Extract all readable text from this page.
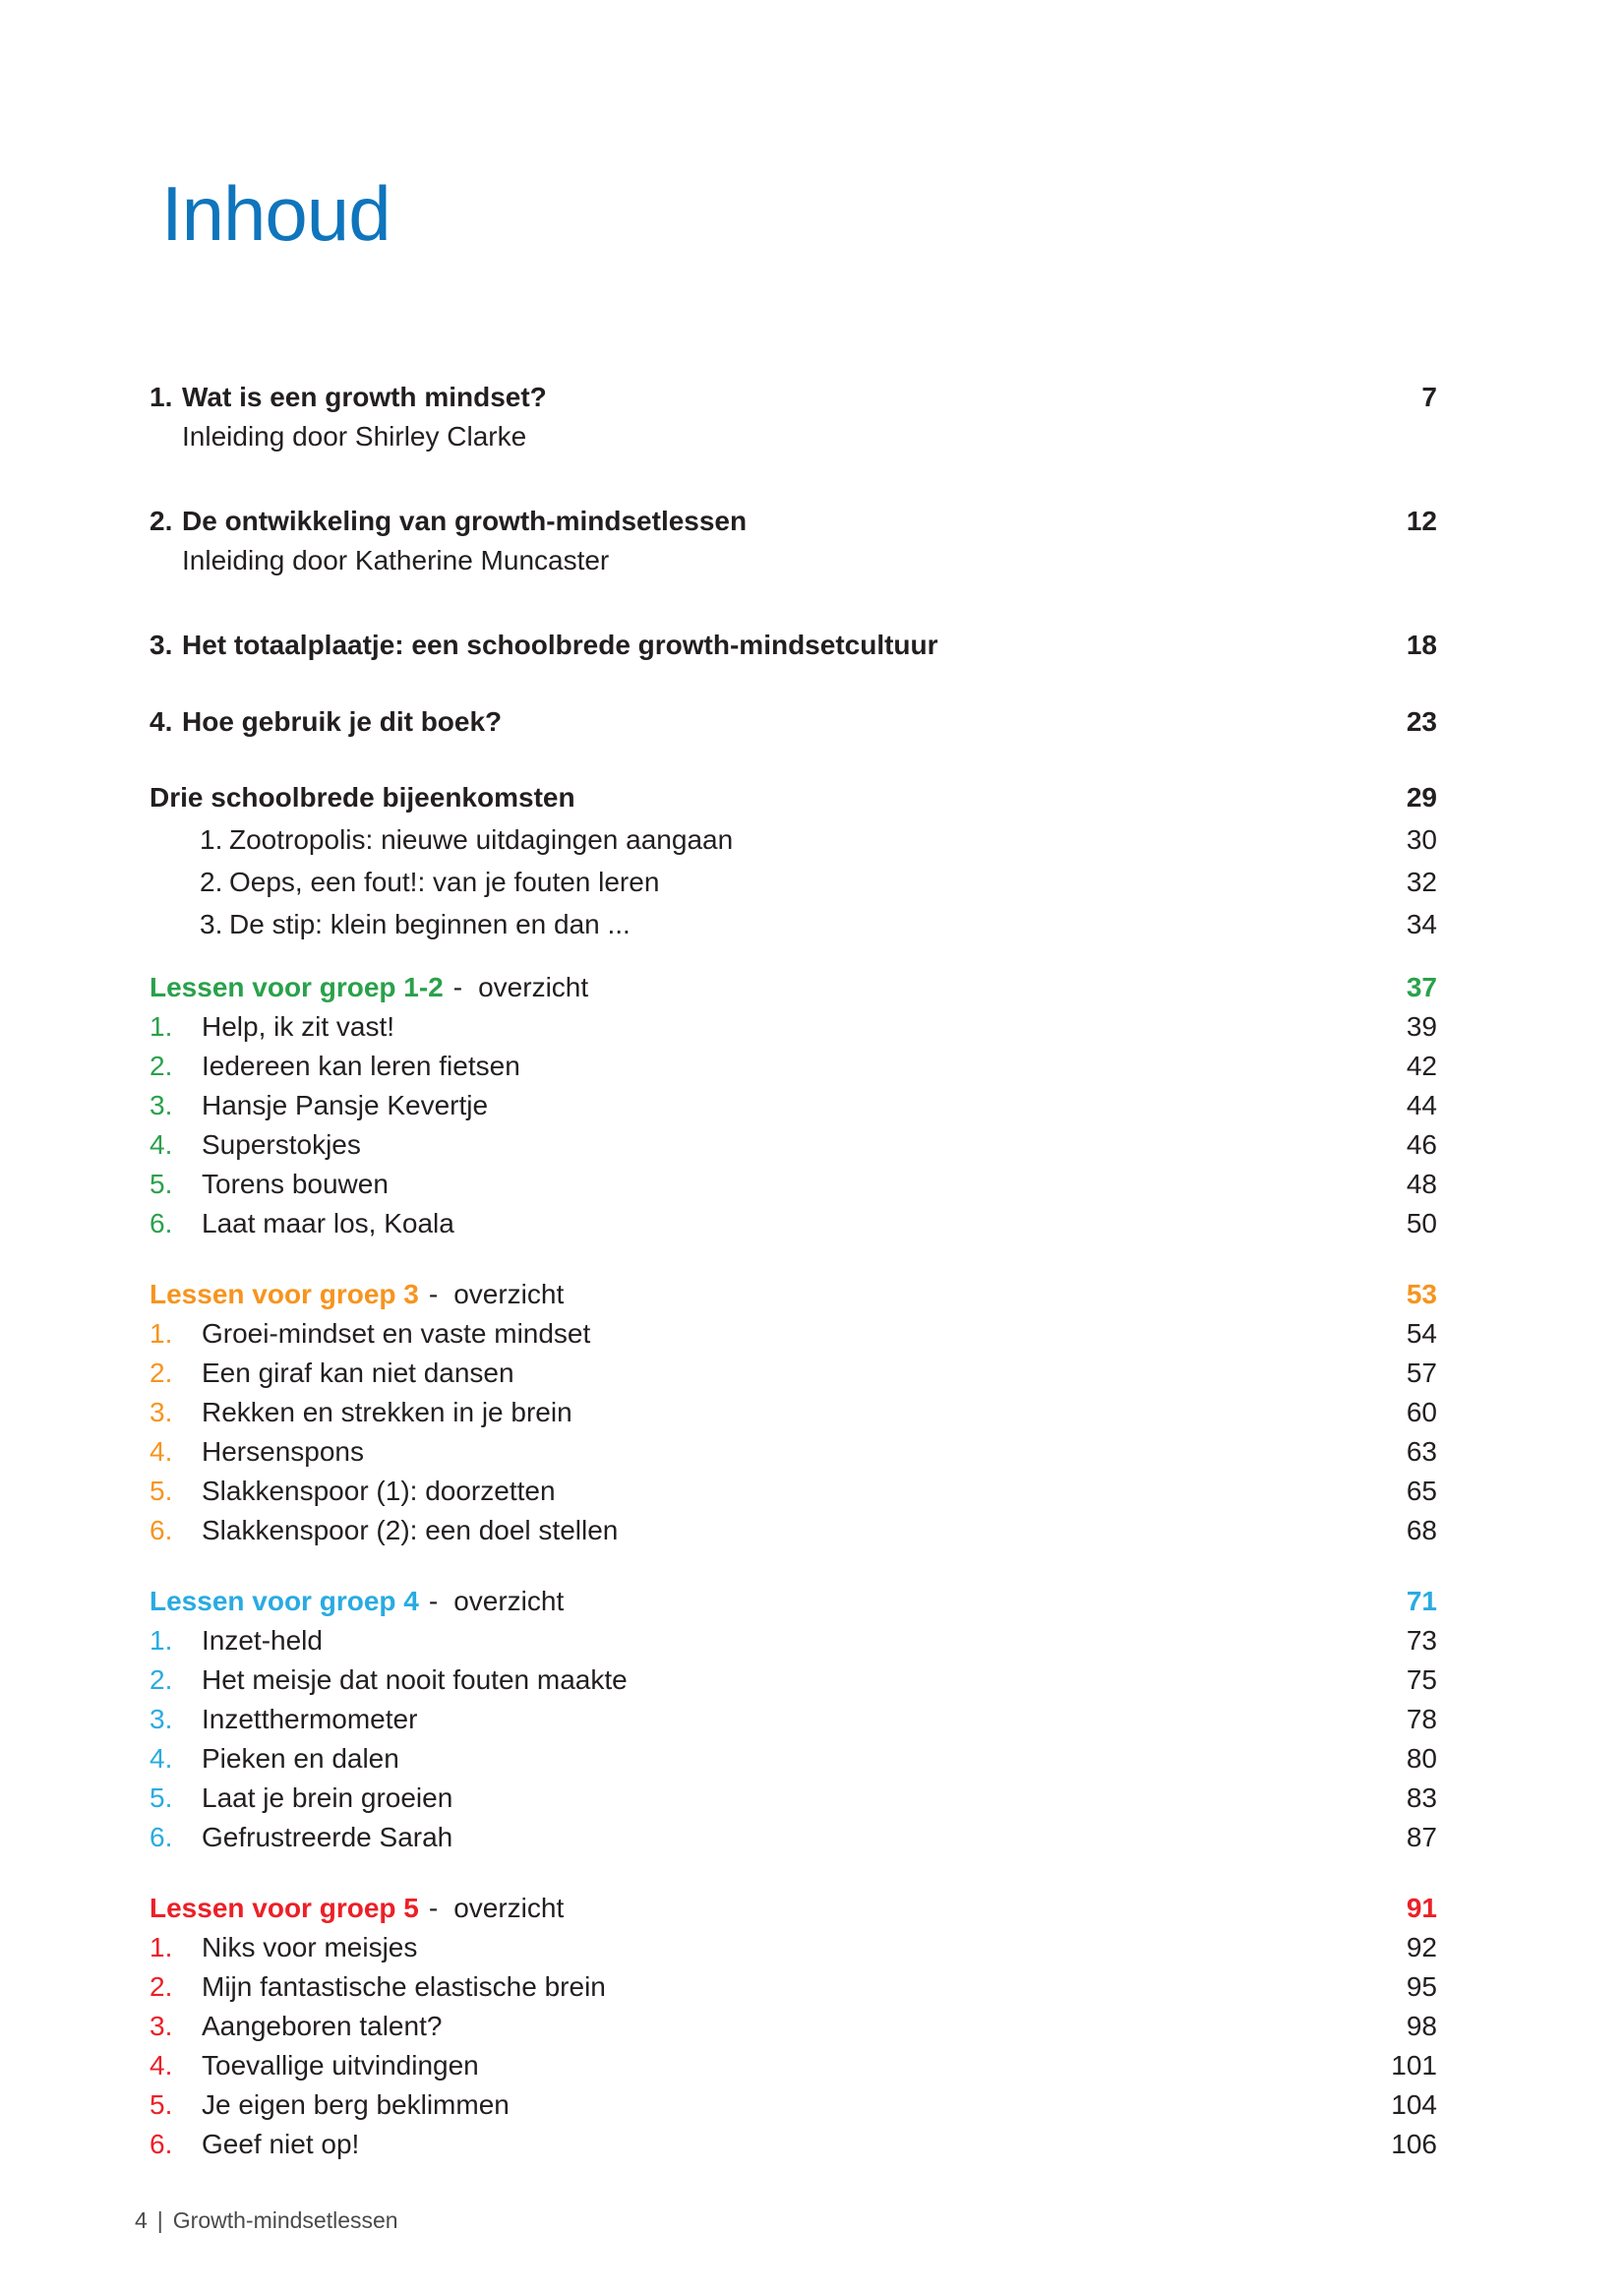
Inhoud
1. Wat is een growth mindset?	7
Inleiding door Shirley Clarke
2. De ontwikkeling van growth-mindsetlessen	12
Inleiding door Katherine Muncaster
3. Het totaalplaatje: een schoolbrede growth-mindsetcultuur	18
4. Hoe gebruik je dit boek?	23
Drie schoolbrede bijeenkomsten	29
1. Zootropolis: nieuwe uitdagingen aangaan	30
2. Oeps, een fout!: van je fouten leren	32
3. De stip: klein beginnen en dan ...	34
Lessen voor groep 1-2 - overzicht	37
1.	Help, ik zit vast!	39
2.	Iedereen kan leren fietsen	42
3.	Hansje Pansje Kevertje	44
4.	Superstokjes	46
5.	Torens bouwen	48
6.	Laat maar los, Koala	50
Lessen voor groep 3 - overzicht	53
1.	Groei-mindset en vaste mindset	54
2.	Een giraf kan niet dansen	57
3.	Rekken en strekken in je brein	60
4.	Hersenspons	63
5.	Slakkenspoor (1): doorzetten	65
6.	Slakkenspoor (2): een doel stellen	68
Lessen voor groep 4 - overzicht	71
1.	Inzet-held	73
2.	Het meisje dat nooit fouten maakte	75
3.	Inzetthermometer	78
4.	Pieken en dalen	80
5.	Laat je brein groeien	83
6.	Gefrustreerde Sarah	87
Lessen voor groep 5 - overzicht	91
1.	Niks voor meisjes	92
2.	Mijn fantastische elastische brein	95
3.	Aangeboren talent?	98
4.	Toevallige uitvindingen	101
5.	Je eigen berg beklimmen	104
6.	Geef niet op!	106
4 | Growth-mindsetlessen
